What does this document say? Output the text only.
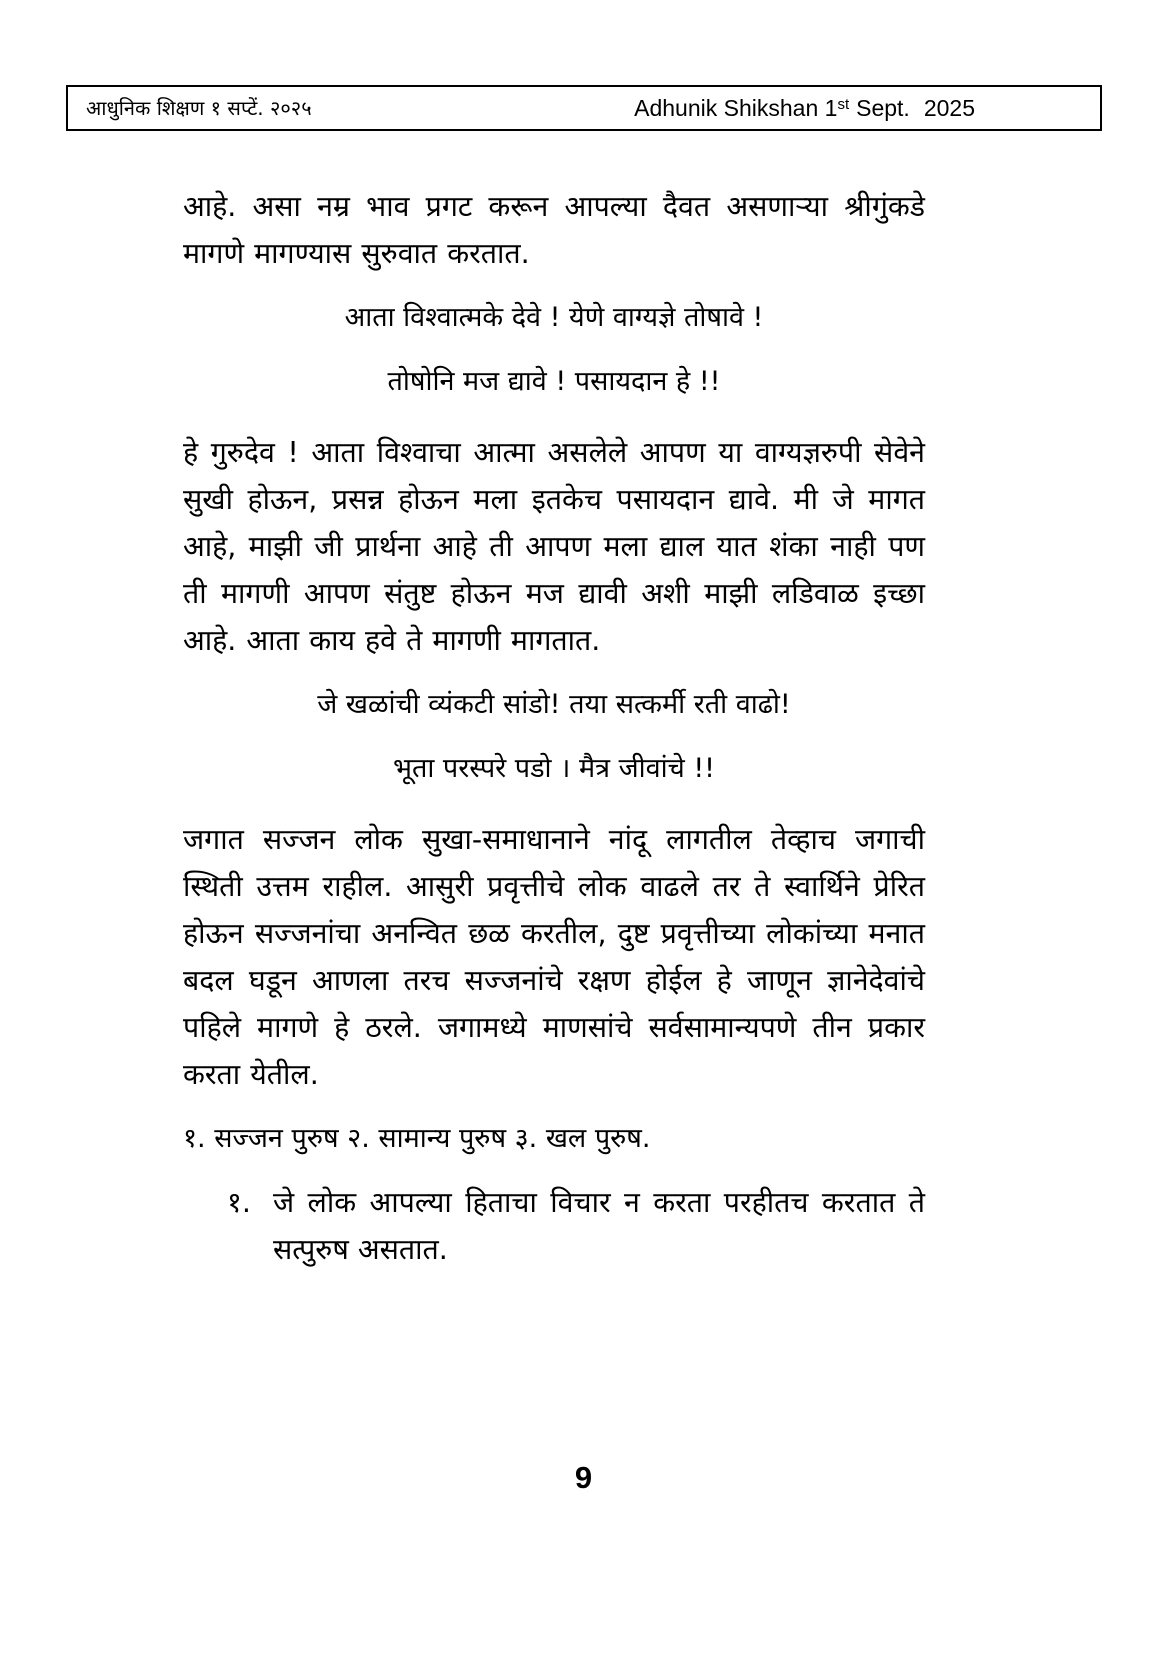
आधुनिक शिक्षण १ सप्टें. २०२५	Adhunik Shikshan 1 st Sept. 2025

आहे. असा नम्र भाव प्रगट करून आपल्या दैवत असणाऱ्या श्रीगुंकडे मागणे मागण्यास सुरुवात करतात.

आता विश्वात्मके देवे ! येणे वाग्यज्ञे तोषावे !

तोषोनि मज द्यावे ! पसायदान हे !!

हे गुरुदेव ! आता विश्वाचा आत्मा असलेले आपण या वाग्यज्ञरुपी सेवेने सुखी होऊन, प्रसन्न होऊन मला इतकेच पसायदान द्यावे. मी जे मागत आहे, माझी जी प्रार्थना आहे ती आपण मला द्याल यात शंका नाही पण ती मागणी आपण संतुष्ट होऊन मज द्यावी अशी माझी लडिवाळ इच्छा आहे. आता काय हवे ते मागणी मागतात.

जे खळांची व्यंकटी सांडो! तया सत्कर्मी रती वाढो!

भूता परस्परे पडो । मैत्र जीवांचे !!

जगात सज्जन लोक सुखा-समाधानाने नांदू लागतील तेव्हाच जगाची स्थिती उत्तम राहील. आसुरी प्रवृत्तीचे लोक वाढले तर ते स्वार्थिने प्रेरित होऊन सज्जनांचा अनन्वित छळ करतील, दुष्ट प्रवृत्तीच्या लोकांच्या मनात बदल घडून आणला तरच सज्जनांचे रक्षण होईल हे जाणून ज्ञानेदेवांचे पहिले मागणे हे ठरले. जगामध्ये माणसांचे सर्वसामान्यपणे तीन प्रकार करता येतील.

१. सज्जन पुरुष २. सामान्य पुरुष ३. खल पुरुष.

१. जे लोक आपल्या हिताचा विचार न करता परहीतच करतात ते सत्पुरुष असतात.
9
